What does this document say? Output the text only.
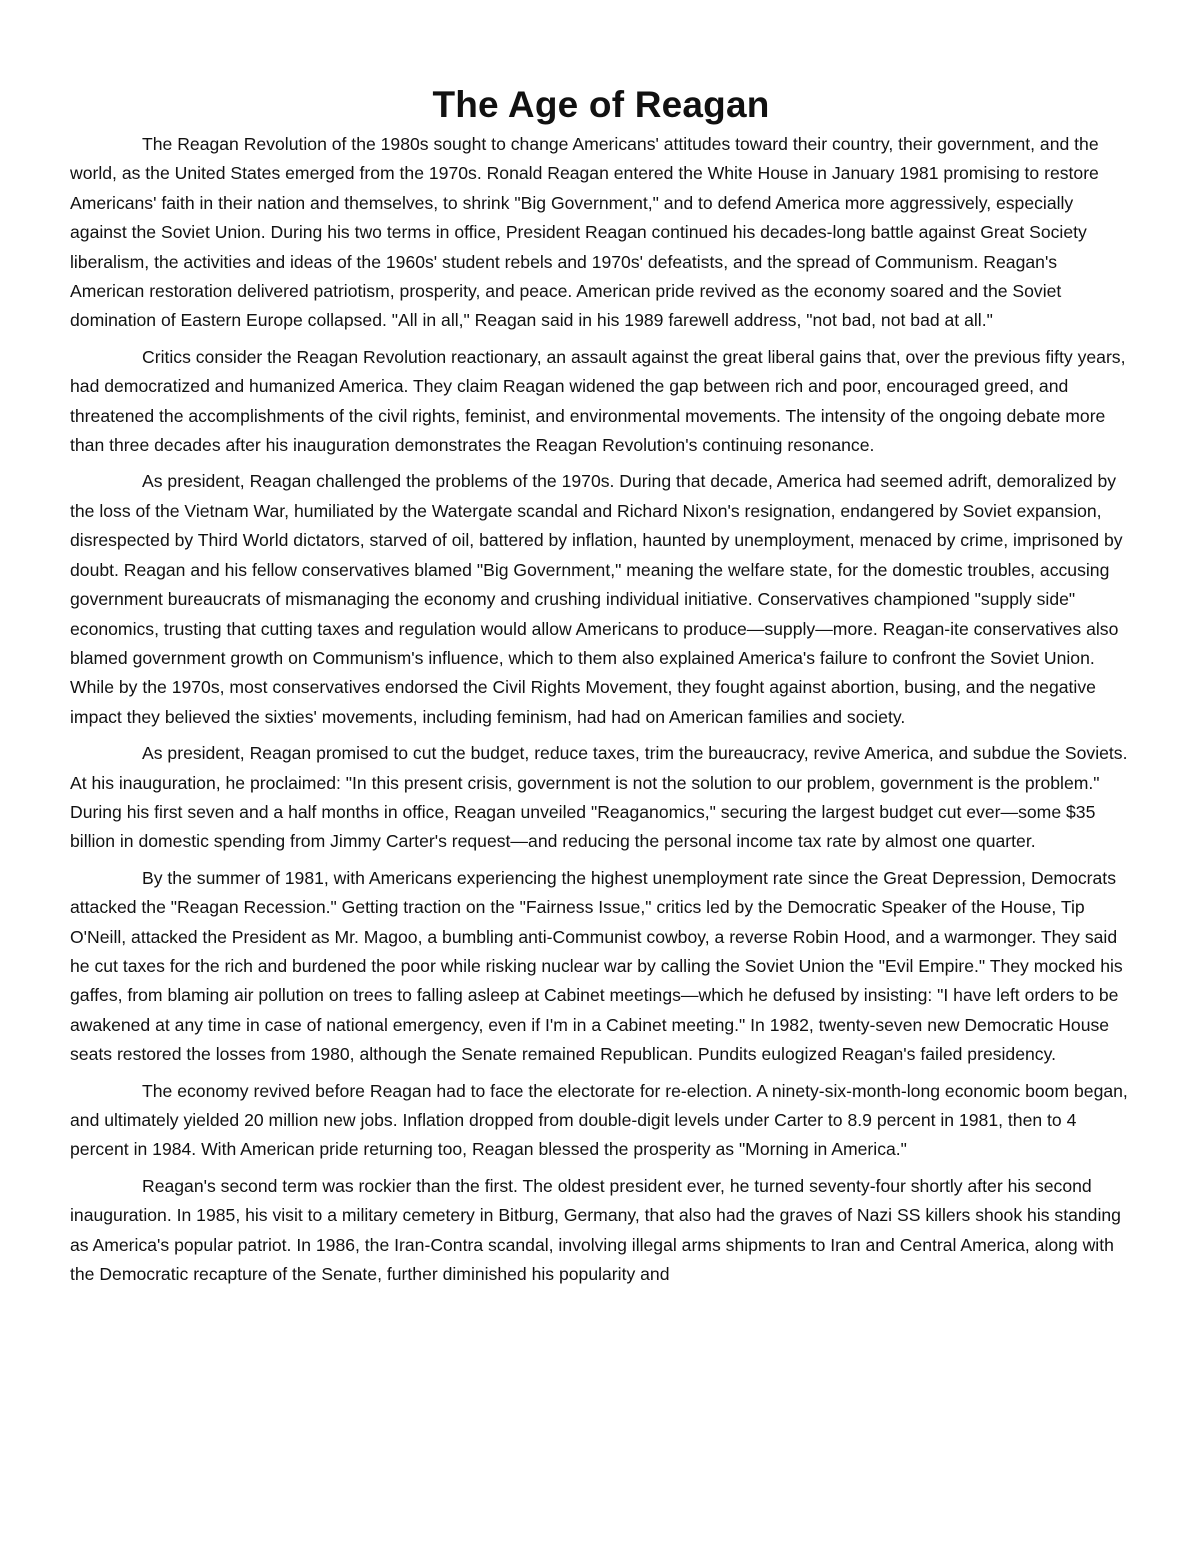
The Age of Reagan

The Reagan Revolution of the 1980s sought to change Americans' attitudes toward their country, their government, and the world, as the United States emerged from the 1970s. Ronald Reagan entered the White House in January 1981 promising to restore Americans' faith in their nation and themselves, to shrink "Big Government," and to defend America more aggressively, especially against the Soviet Union. During his two terms in office, President Reagan continued his decades-long battle against Great Society liberalism, the activities and ideas of the 1960s' student rebels and 1970s' defeatists, and the spread of Communism. Reagan's American restoration delivered patriotism, prosperity, and peace. American pride revived as the economy soared and the Soviet domination of Eastern Europe collapsed. "All in all," Reagan said in his 1989 farewell address, "not bad, not bad at all."

Critics consider the Reagan Revolution reactionary, an assault against the great liberal gains that, over the previous fifty years, had democratized and humanized America. They claim Reagan widened the gap between rich and poor, encouraged greed, and threatened the accomplishments of the civil rights, feminist, and environmental movements. The intensity of the ongoing debate more than three decades after his inauguration demonstrates the Reagan Revolution's continuing resonance.

As president, Reagan challenged the problems of the 1970s. During that decade, America had seemed adrift, demoralized by the loss of the Vietnam War, humiliated by the Watergate scandal and Richard Nixon's resignation, endangered by Soviet expansion, disrespected by Third World dictators, starved of oil, battered by inflation, haunted by unemployment, menaced by crime, imprisoned by doubt. Reagan and his fellow conservatives blamed "Big Government," meaning the welfare state, for the domestic troubles, accusing government bureaucrats of mismanaging the economy and crushing individual initiative. Conservatives championed "supply side" economics, trusting that cutting taxes and regulation would allow Americans to produce—supply—more. Reagan-ite conservatives also blamed government growth on Communism's influence, which to them also explained America's failure to confront the Soviet Union. While by the 1970s, most conservatives endorsed the Civil Rights Movement, they fought against abortion, busing, and the negative impact they believed the sixties' movements, including feminism, had had on American families and society.

As president, Reagan promised to cut the budget, reduce taxes, trim the bureaucracy, revive America, and subdue the Soviets. At his inauguration, he proclaimed: "In this present crisis, government is not the solution to our problem, government is the problem." During his first seven and a half months in office, Reagan unveiled "Reaganomics," securing the largest budget cut ever—some $35 billion in domestic spending from Jimmy Carter's request—and reducing the personal income tax rate by almost one quarter.

By the summer of 1981, with Americans experiencing the highest unemployment rate since the Great Depression, Democrats attacked the "Reagan Recession." Getting traction on the "Fairness Issue," critics led by the Democratic Speaker of the House, Tip O'Neill, attacked the President as Mr. Magoo, a bumbling anti-Communist cowboy, a reverse Robin Hood, and a warmonger. They said he cut taxes for the rich and burdened the poor while risking nuclear war by calling the Soviet Union the "Evil Empire." They mocked his gaffes, from blaming air pollution on trees to falling asleep at Cabinet meetings—which he defused by insisting: "I have left orders to be awakened at any time in case of national emergency, even if I'm in a Cabinet meeting." In 1982, twenty-seven new Democratic House seats restored the losses from 1980, although the Senate remained Republican. Pundits eulogized Reagan's failed presidency.

The economy revived before Reagan had to face the electorate for re-election. A ninety-six-month-long economic boom began, and ultimately yielded 20 million new jobs. Inflation dropped from double-digit levels under Carter to 8.9 percent in 1981, then to 4 percent in 1984. With American pride returning too, Reagan blessed the prosperity as "Morning in America."

Reagan's second term was rockier than the first. The oldest president ever, he turned seventy-four shortly after his second inauguration. In 1985, his visit to a military cemetery in Bitburg, Germany, that also had the graves of Nazi SS killers shook his standing as America's popular patriot. In 1986, the Iran-Contra scandal, involving illegal arms shipments to Iran and Central America, along with the Democratic recapture of the Senate, further diminished his popularity and
